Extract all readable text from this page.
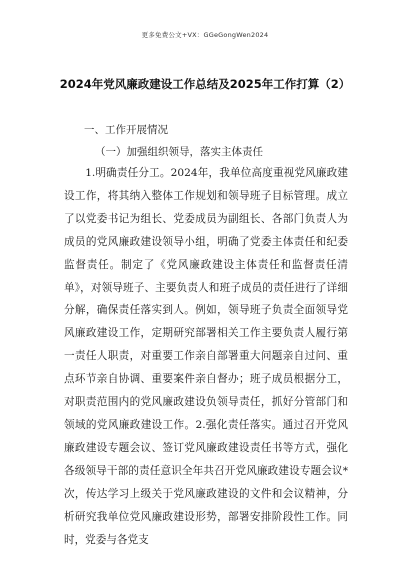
更多免费公文+VX：GGeGongWen2024
2024年党风廉政建设工作总结及2025年工作打算（2）
一、工作开展情况
（一）加强组织领导，落实主体责任

1.明确责任分工。2024年，我单位高度重视党风廉政建设工作，将其纳入整体工作规划和领导班子目标管理。成立了以党委书记为组长、党委成员为副组长、各部门负责人为成员的党风廉政建设领导小组，明确了党委主体责任和纪委监督责任。制定了《党风廉政建设主体责任和监督责任清单》，对领导班子、主要负责人和班子成员的责任进行了详细分解，确保责任落实到人。例如，领导班子负责全面领导党风廉政建设工作，定期研究部署相关工作主要负责人履行第一责任人职责，对重要工作亲自部署重大问题亲自过问、重点环节亲自协调、重要案件亲自督办；班子成员根据分工，对职责范围内的党风廉政建设负领导责任，抓好分管部门和领域的党风廉政建设工作。2.强化责任落实。通过召开党风廉政建设专题会议、签订党风廉政建设责任书等方式，强化各级领导干部的责任意识全年共召开党风廉政建设专题会议*次，传达学习上级关于党风廉政建设的文件和会议精神，分析研究我单位党风廉政建设形势，部署安排阶段性工作。同时，党委与各党支
